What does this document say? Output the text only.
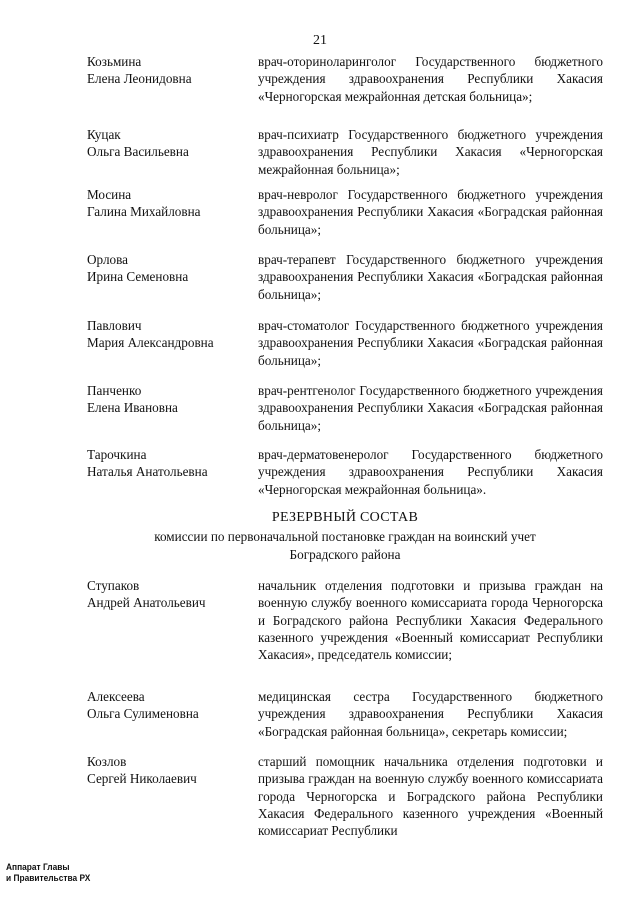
21
Козьмина
Елена Леонидовна
врач-оториноларинголог Государственного бюджетного учреждения здравоохранения Республики Хакасия «Черногорская межрайонная детская больница»;
Куцак
Ольга Васильевна
врач-психиатр Государственного бюджетного учреждения здравоохранения Республики Хакасия «Черногорская межрайонная больница»;
Мосина
Галина Михайловна
врач-невролог Государственного бюджетного учреждения здравоохранения Республики Хакасия «Боградская районная больница»;
Орлова
Ирина Семеновна
врач-терапевт Государственного бюджетного учреждения здравоохранения Республики Хакасия «Боградская районная больница»;
Павлович
Мария Александровна
врач-стоматолог Государственного бюджетного учреждения здравоохранения Республики Хакасия «Боградская районная больница»;
Панченко
Елена Ивановна
врач-рентгенолог Государственного бюджетного учреждения здравоохранения Республики Хакасия «Боградская районная больница»;
Тарочкина
Наталья Анатольевна
врач-дерматовенеролог Государственного бюджетного учреждения здравоохранения Республики Хакасия «Черногорская межрайонная больница».
РЕЗЕРВНЫЙ СОСТАВ
комиссии по первоначальной постановке граждан на воинский учет
Боградского района
Ступаков
Андрей Анатольевич
начальник отделения подготовки и призыва граждан на военную службу военного комиссариата города Черногорска и Боградского района Республики Хакасия Федерального казенного учреждения «Военный комиссариат Республики Хакасия», председатель комиссии;
Алексеева
Ольга Сулименовна
медицинская сестра Государственного бюджетного учреждения здравоохранения Республики Хакасия «Боградская районная больница», секретарь комиссии;
Козлов
Сергей Николаевич
старший помощник начальника отделения подготовки и призыва граждан на военную службу военного комиссариата города Черногорска и Боградского района Республики Хакасия Федерального казенного учреждения «Военный комиссариат Республики
Аппарат Главы
и Правительства РХ
